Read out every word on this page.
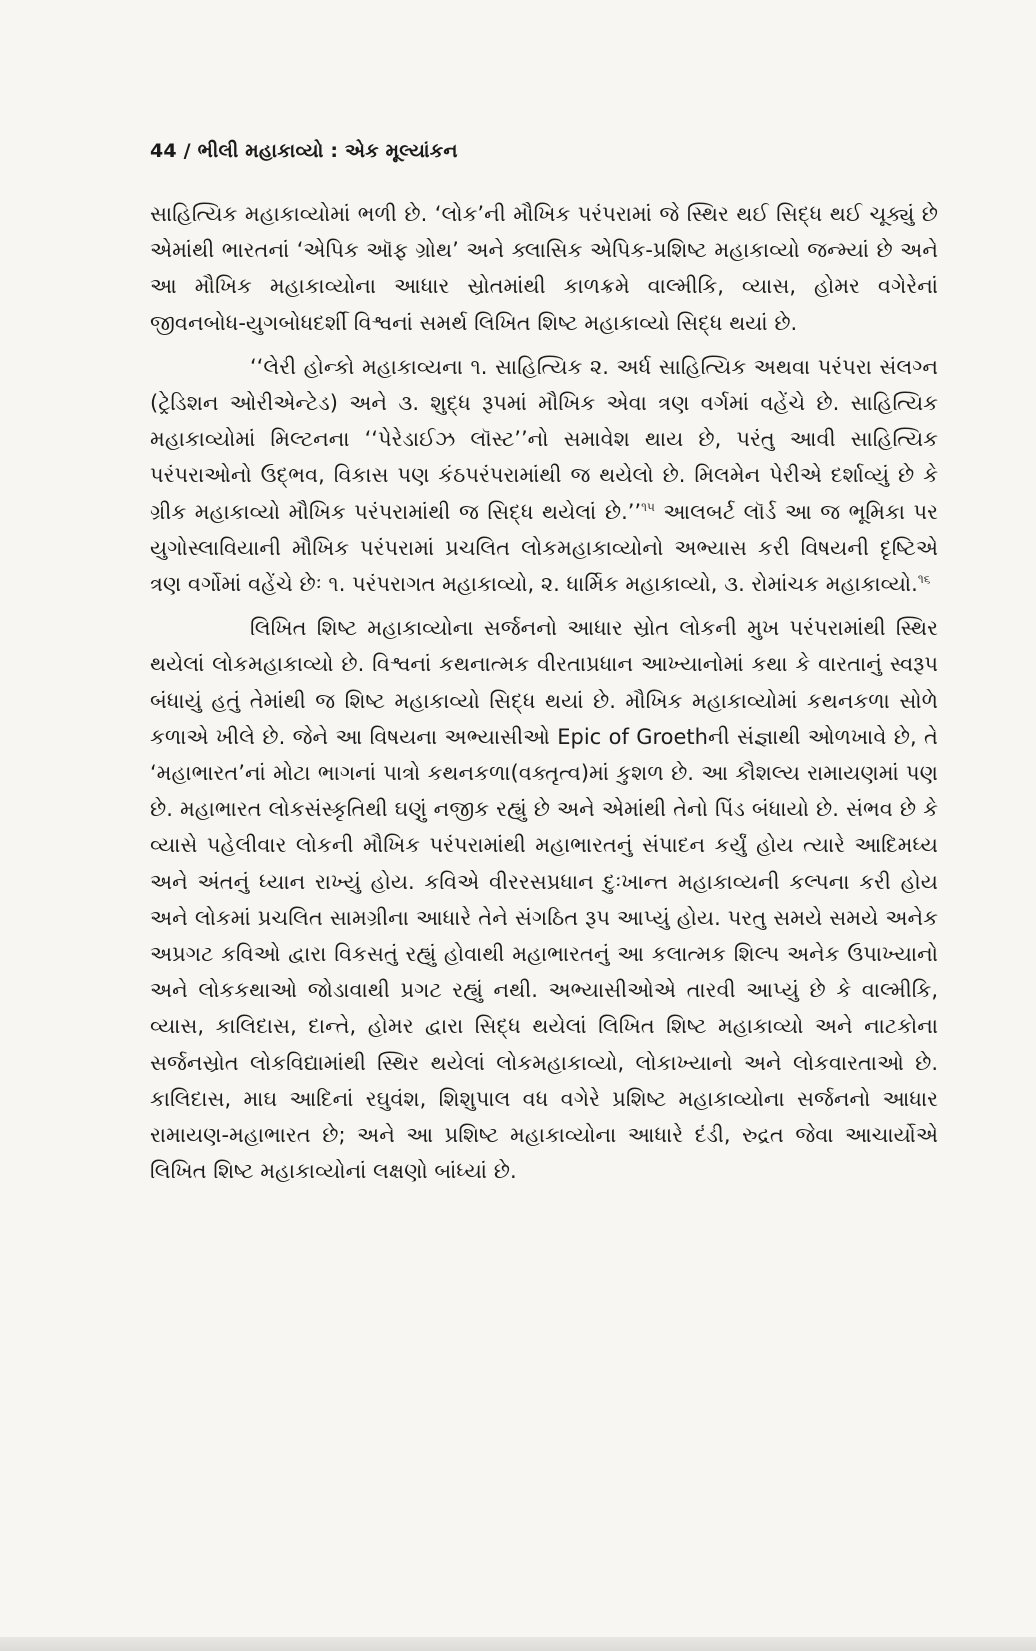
44 / ભીલી મહાકાવ્યો : એક મૂલ્યાંકન

સાહિત્યિક મહાકાવ્યોમાં ભળી છે. ‘લોક’ની મૌખિક પરંપરામાં જે સ્થિર થઈ સિદ્ધ થઈ ચૂક્યું છે એમાંથી ભારતનાં ‘એપિક ઑફ ગ્રોથ’ અને ક્લાસિક એપિક-પ્રશિષ્ટ મહાકાવ્યો જન્મ્યાં છે અને આ મૌખિક મહાકાવ્યોના આધાર સ્રોતમાંથી કાળક્રમે વાલ્મીકિ, વ્યાસ, હોમર વગેરેનાં જીવનબોધ-યુગબોધદર્શી વિશ્વનાં સમર્થ લિખિત શિષ્ટ મહાકાવ્યો સિદ્ધ થયાં છે.

‘‘લેરી હોન્કો મહાકાવ્યના ૧. સાહિત્યિક ૨. અર્ધ સાહિત્યિક અથવા પરંપરા સંલગ્ન (ટ્રેડિશન ઓરીએન્ટેડ) અને ૩. શુદ્ધ રૂપમાં મૌખિક એવા ત્રણ વર્ગમાં વહેંચે છે. સાહિત્યિક મહાકાવ્યોમાં મિલ્ટનના ‘‘પેરેડાઈઝ લૉસ્ટ’’નો સમાવેશ થાય છે, પરંતુ આવી સાહિત્યિક પરંપરાઓનો ઉદ્ભવ, વિકાસ પણ કંઠપરંપરામાંથી જ થયેલો છે. મિલમેન પેરીએ દર્શાવ્યું છે કે ગ્રીક મહાકાવ્યો મૌખિક પરંપરામાંથી જ સિદ્ધ થયેલાં છે.’’$^{૧૫}$ આલબર્ટ લૉર્ડ આ જ ભૂમિકા પર યુગોસ્લાવિયાની મૌખિક પરંપરામાં પ્રચલિત લોકમહાકાવ્યોનો અભ્યાસ કરી વિષયની દૃષ્ટિએ ત્રણ વર્ગોમાં વહેંચે છેઃ ૧. પરંપરાગત મહાકાવ્યો, ૨. ધાર્મિક મહાકાવ્યો, ૩. રોમાંચક મહાકાવ્યો.$^{૧૬}$

લિખિત શિષ્ટ મહાકાવ્યોના સર્જનનો આધાર સ્રોત લોકની મુખ પરંપરામાંથી સ્થિર થયેલાં લોકમહાકાવ્યો છે. વિશ્વનાં કથનાત્મક વીરતાપ્રધાન આખ્યાનોમાં કથા કે વારતાનું સ્વરૂપ બંધાયું હતું તેમાંથી જ શિષ્ટ મહાકાવ્યો સિદ્ધ થયાં છે. મૌખિક મહાકાવ્યોમાં કથનકળા સોળે કળાએ ખીલે છે. જેને આ વિષયના અભ્યાસીઓ Epic of Groethની સંજ્ઞાથી ઓળખાવે છે, તે ‘મહાભારત’નાં મોટા ભાગનાં પાત્રો કથનકળા(વક્તૃત્વ)માં કુશળ છે. આ કૌશલ્ય રામાયણમાં પણ છે. મહાભારત લોકસંસ્કૃતિથી ઘણું નજીક રહ્યું છે અને એમાંથી તેનો પિંડ બંધાયો છે. સંભવ છે કે વ્યાસે પહેલીવાર લોકની મૌખિક પરંપરામાંથી મહાભારતનું સંપાદન કર્યું હોય ત્યારે આદિમધ્ય અને અંતનું ધ્યાન રાખ્યું હોય. કવિએ વીરરસપ્રધાન દુઃખાન્ત મહાકાવ્યની કલ્પના કરી હોય અને લોકમાં પ્રચલિત સામગ્રીના આધારે તેને સંગઠિત રૂપ આપ્યું હોય. પરતુ સમયે સમયે અનેક અપ્રગટ કવિઓ દ્વારા વિકસતું રહ્યું હોવાથી મહાભારતનું આ કલાત્મક શિલ્પ અનેક ઉપાખ્યાનો અને લોકકથાઓ જોડાવાથી પ્રગટ રહ્યું નથી. અભ્યાસીઓએ તારવી આપ્યું છે કે વાલ્મીકિ, વ્યાસ, કાલિદાસ, દાન્તે, હોમર દ્વારા સિદ્ધ થયેલાં લિખિત શિષ્ટ મહાકાવ્યો અને નાટકોના સર્જનસ્રોત લોકવિદ્યામાંથી સ્થિર થયેલાં લોકમહાકાવ્યો, લોકાખ્યાનો અને લોકવારતાઓ છે. કાલિદાસ, માઘ આદિનાં રઘુવંશ, શિશુપાલ વધ વગેરે પ્રશિષ્ટ મહાકાવ્યોના સર્જનનો આધાર રામાયણ-મહાભારત છે; અને આ પ્રશિષ્ટ મહાકાવ્યોના આધારે દંડી, રુદ્રત જેવા આચાર્યોએ લિખિત શિષ્ટ મહાકાવ્યોનાં લક્ષણો બાંધ્યાં છે.
